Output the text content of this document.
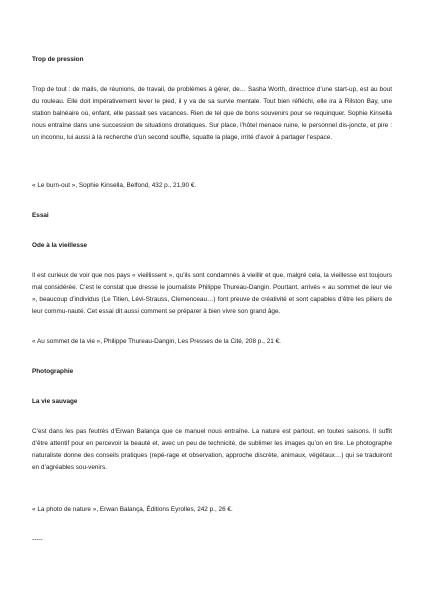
Trop de pression
Trop de tout : de mails, de réunions, de travail, de problèmes à gérer, de… Sasha Worth, directrice d’une start-up, est au bout du rouleau. Elle doit impérativement lever le pied, il y va de sa survie mentale. Tout bien réfléchi, elle ira à Rilston Bay, une station balnéaire où, enfant, elle passait ses vacances. Rien de tel que de bons souvenirs pour se requinquer. Sophie Kinsella nous entraîne dans une succession de situations drolatiques. Sur place, l’hôtel menace ruine, le personnel dis-joncte, et pire : un inconnu, lui aussi à la recherche d’un second souffle, squatte la plage, irrité d’avoir à partager l’espace.
« Le burn-out », Sophie Kinsella, Belfond, 432 p., 21,90 €.
Essai
Ode à la vieillesse
Il est curieux de voir que nos pays « vieillissent », qu’ils sont condamnés à vieillir et que, malgré cela, la vieillesse est toujours mal considérée. C’est le constat que dresse le journaliste Philippe Thureau-Dangin. Pourtant, arrivés « au sommet de leur vie », beaucoup d’individus (Le Titien, Lévi-Strauss, Clemenceau…) font preuve de créativité et sont capables d’être les piliers de leur commu-nauté. Cet essai dit aussi comment se préparer à bien vivre son grand âge.
« Au sommet de la vie », Philippe Thureau-Dangin, Les Presses de la Cité, 208 p., 21 €.
Photographie
La vie sauvage
C’est dans les pas feutrés d’Erwan Balança que ce manuel nous entraîne. La nature est partout, en toutes saisons. Il suffit d’être attentif pour en percevoir la beauté et, avec un peu de technicité, de sublimer les images qu’on en tire. Le photographe naturaliste donne des conseils pratiques (repé-rage et observation, approche discrète, animaux, végétaux…) qui se traduiront en d’agréables sou-venirs.
« La photo de nature », Erwan Balança, Éditions Eyrolles, 242 p., 26 €.
-----
